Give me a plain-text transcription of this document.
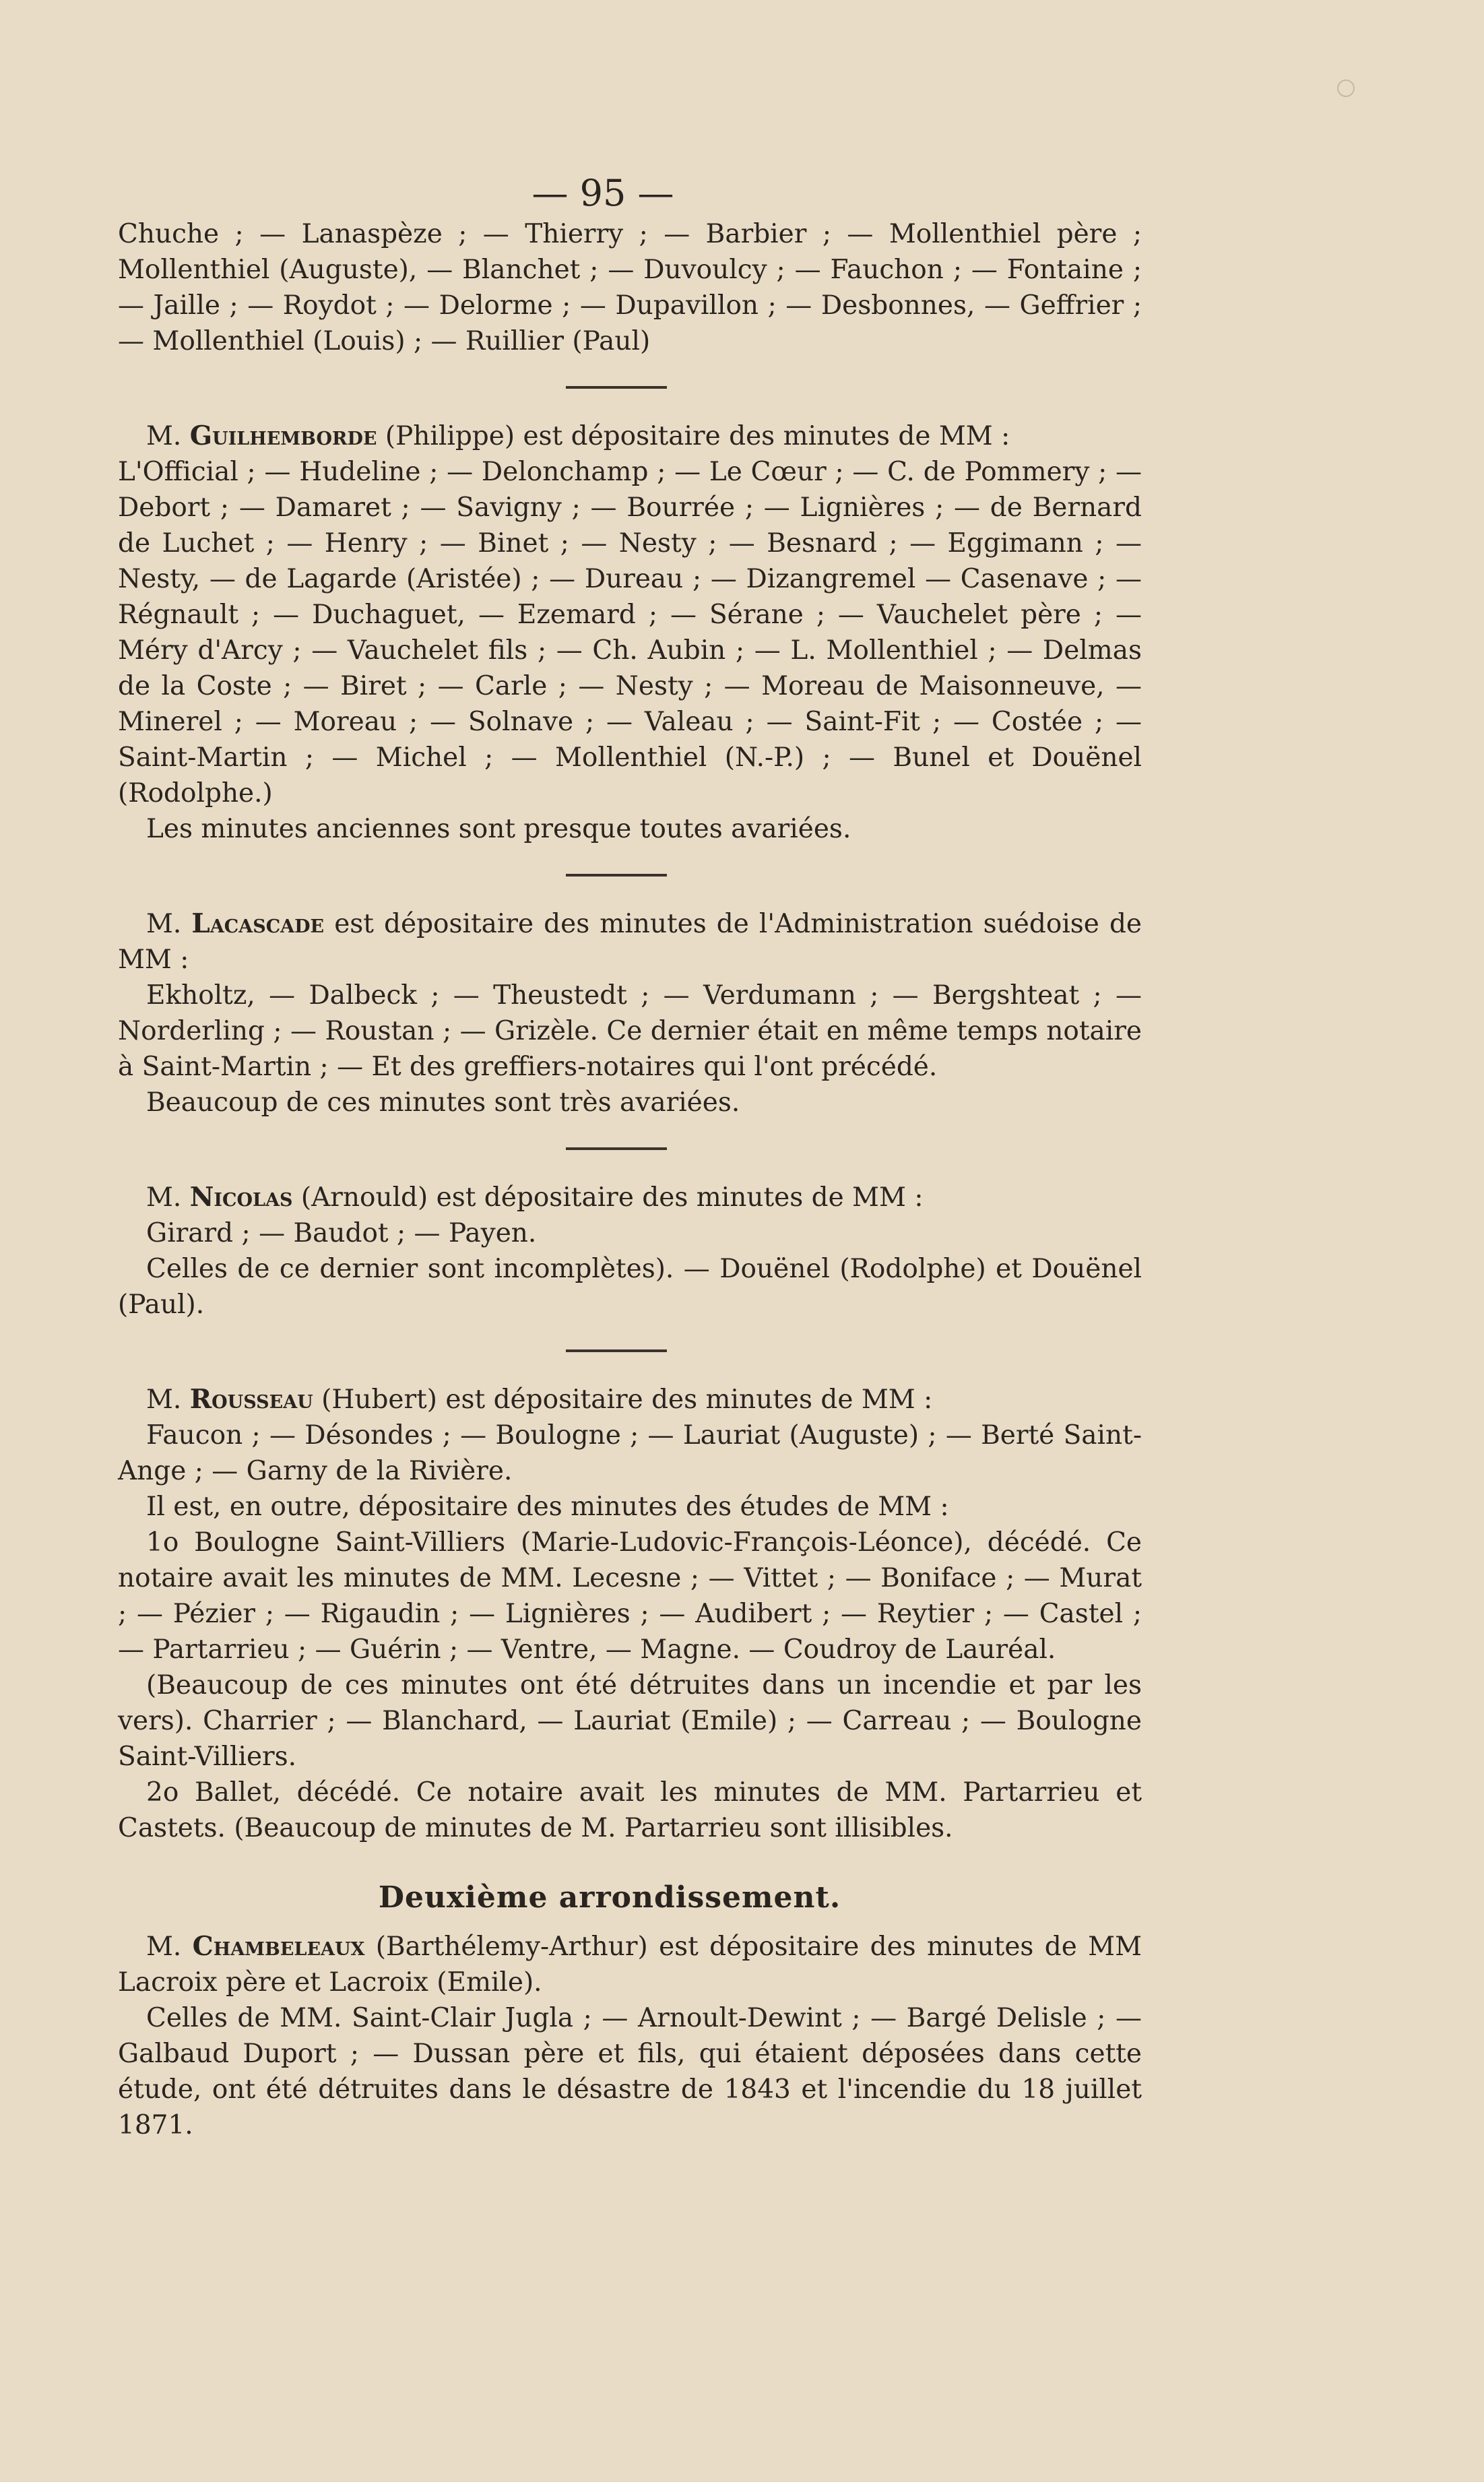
— 95 —

Chuche ; — Lanaspèze ; — Thierry ; — Barbier ; — Mollenthiel père ; Mollenthiel (Auguste), — Blanchet ; — Duvoulcy ; — Fauchon ; — Fontaine ; — Jaille ; — Roydot ; — Delorme ; — Dupavillon ; — Desbonnes, — Geffrier ; — Mollenthiel (Louis) ; — Ruillier (Paul)

M. Guilhemborde (Philippe) est dépositaire des minutes de MM :

L'Official ; — Hudeline ; — Delonchamp ; — Le Cœur ; — C. de Pommery ; — Debort ; — Damaret ; — Savigny ; — Bourrée ; — Lignières ; — de Bernard de Luchet ; — Henry ; — Binet ; — Nesty ; — Besnard ; — Eggimann ; — Nesty, — de Lagarde (Aristée) ; — Dureau ; — Dizangremel — Casenave ; — Régnault ; — Duchaguet, — Ezemard ; — Sérane ; — Vauchelet père ; — Méry d'Arcy ; — Vauchelet fils ; — Ch. Aubin ; — L. Mollenthiel ; — Delmas de la Coste ; — Biret ; — Carle ; — Nesty ; — Moreau de Maisonneuve, — Minerel ; — Moreau ; — Solnave ; — Valeau ; — Saint-Fit ; — Costée ; — Saint-Martin ; — Michel ; — Mollenthiel (N.-P.) ; — Bunel et Douënel (Rodolphe.)

Les minutes anciennes sont presque toutes avariées.

M. Lacascade est dépositaire des minutes de l'Administration suédoise de MM :

Ekholtz, — Dalbeck ; — Theustedt ; — Verdumann ; — Bergshteat ; — Norderling ; — Roustan ; — Grizèle. Ce dernier était en même temps notaire à Saint-Martin ; — Et des greffiers-notaires qui l'ont précédé.

Beaucoup de ces minutes sont très avariées.

M. Nicolas (Arnould) est dépositaire des minutes de MM :

Girard ; — Baudot ; — Payen.

Celles de ce dernier sont incomplètes). — Douënel (Rodolphe) et Douënel (Paul).

M. Rousseau (Hubert) est dépositaire des minutes de MM :

Faucon ; — Désondes ; — Boulogne ; — Lauriat (Auguste) ; — Berté Saint-Ange ; — Garny de la Rivière.

Il est, en outre, dépositaire des minutes des études de MM :

1o Boulogne Saint-Villiers (Marie-Ludovic-François-Léonce), décédé. Ce notaire avait les minutes de MM. Lecesne ; — Vittet ; — Boniface ; — Murat ; — Pézier ; — Rigaudin ; — Lignières ; — Audibert ; — Reytier ; — Castel ; — Partarrieu ; — Guérin ; — Ventre, — Magne. — Coudroy de Lauréal.

(Beaucoup de ces minutes ont été détruites dans un incendie et par les vers). Charrier ; — Blanchard, — Lauriat (Emile) ; — Carreau ; — Boulogne Saint-Villiers.

2o Ballet, décédé. Ce notaire avait les minutes de MM. Partarrieu et Castets. (Beaucoup de minutes de M. Partarrieu sont illisibles.

Deuxième arrondissement.

M. Chambeleaux (Barthélemy-Arthur) est dépositaire des minutes de MM Lacroix père et Lacroix (Emile).

Celles de MM. Saint-Clair Jugla ; — Arnoult-Dewint ; — Bargé Delisle ; — Galbaud Duport ; — Dussan père et fils, qui étaient déposées dans cette étude, ont été détruites dans le désastre de 1843 et l'incendie du 18 juillet 1871.
